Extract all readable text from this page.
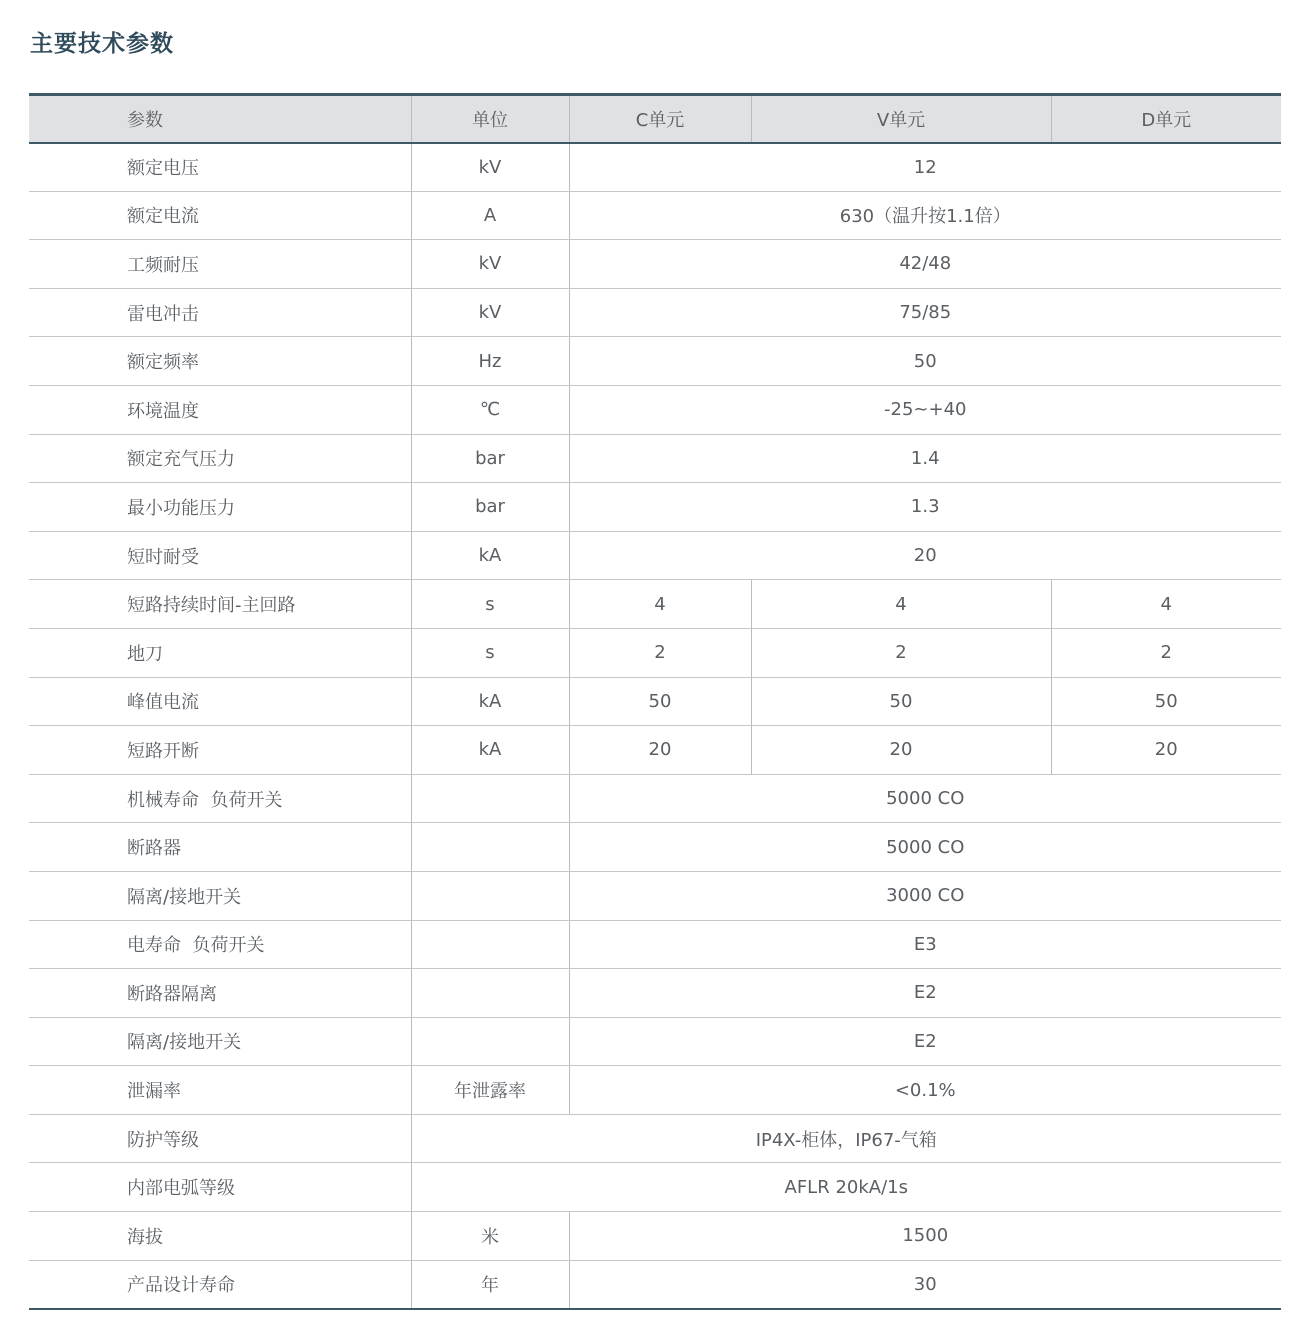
主要技术参数
参数	单位	C单元	V单元	D单元
额定电压	kV	12		
额定电流	A	630（温升按1.1倍）		
工频耐压	kV	42/48		
雷电冲击	kV	75/85		
额定频率	Hz	50		
环境温度	℃	-25~+40		
额定充气压力	bar	1.4		
最小功能压力	bar	1.3		
短时耐受	kA	20		
短路持续时间-主回路	s	4	4	4
地刀	s	2	2	2
峰值电流	kA	50	50	50
短路开断	kA	20	20	20
机械寿命  负荷开关		5000 CO		
断路器		5000 CO		
隔离/接地开关		3000 CO		
电寿命  负荷开关		E3		
断路器隔离		E2		
隔离/接地开关		E2		
泄漏率	年泄露率	<0.1%		
防护等级	IP4X-柜体，IP67-气箱			
内部电弧等级	AFLR 20kA/1s			
海拔	米	1500		
产品设计寿命	年	30		
